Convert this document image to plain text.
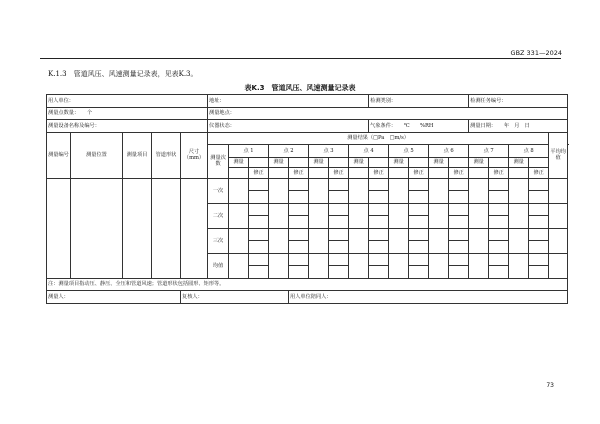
GBZ 331—2024
K.1.3　管道风压、风速测量记录表，见表K.3。
表K.3　管道风压、风速测量记录表
用人单位：					地址：								检测类别：					检测任务编号：					
测量点数量：　　个					测量地点：																		
测量设备名称及编号：					仪器状态：								气象条件：　　℃　　%RH					测量日期：　　年　月　日					
测量编号	测量位置	测量项目	管道形状	尺寸（mm）	测量结果（□Pa　□m/s）																	平均均值	
					测量次数	点 1		点 2		点 3		点 4		点 5		点 6		点 7		点 8								
						测量		测量		测量		测量		测量		测量		测量		测量																	
							修正		修正		修正		修正		修正		修正		修正		修正																
					一次																																	

					二次																																	

					三次																																	

					均值																																	

注：测量项目指动压、静压、全压和管道风速；管道形状包括圆形、矩形等。																							
测量人：				复核人：					用人单位陪同人：														
73
